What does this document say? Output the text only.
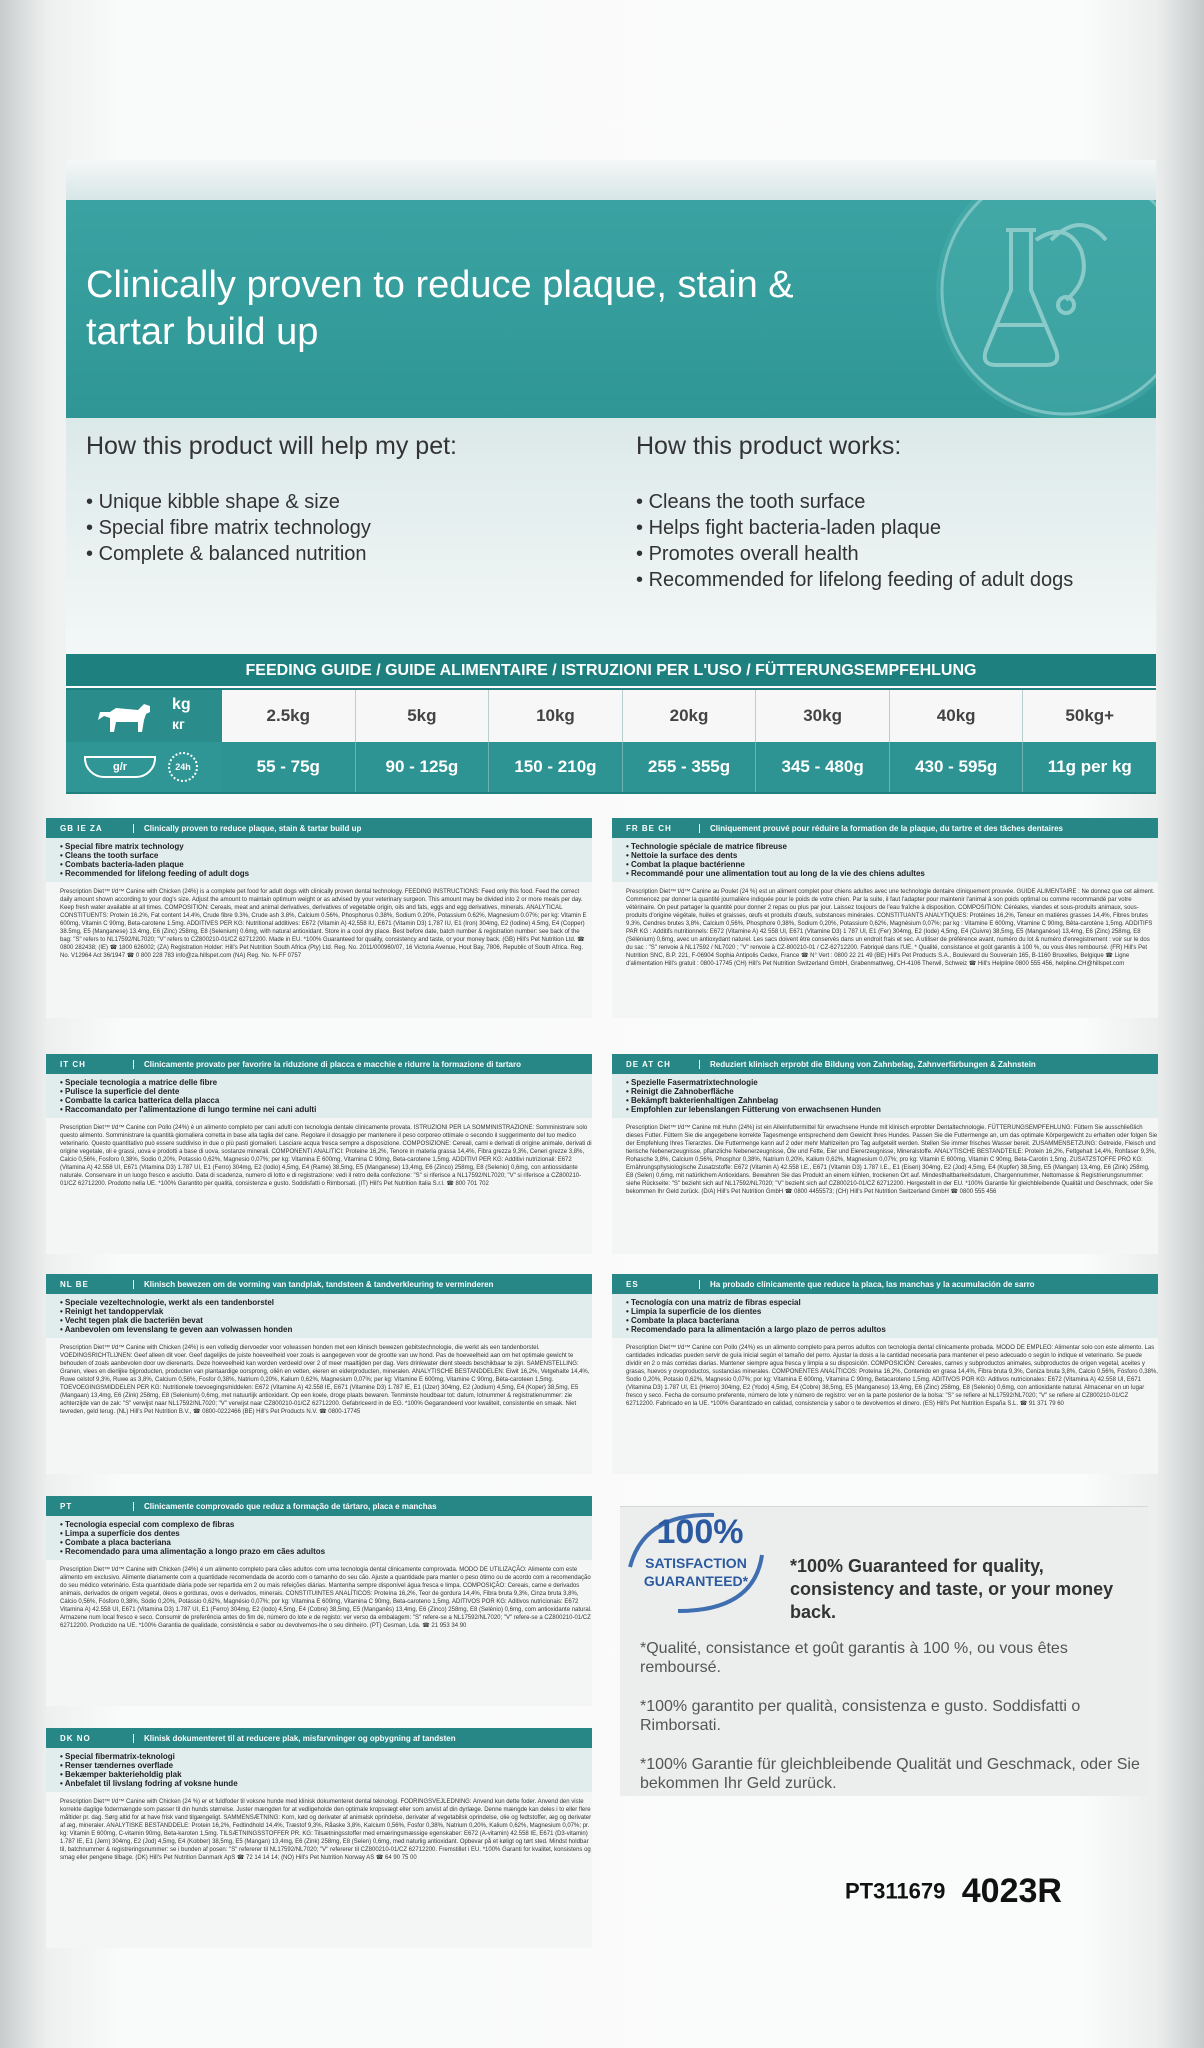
Clinically proven to reduce plaque, stain & tartar build up
How this product will help my pet:
• Unique kibble shape & size
• Special fibre matrix technology
• Complete & balanced nutrition
How this product works:
• Cleans the tooth surface
• Helps fight bacteria-laden plaque
• Promotes overall health
• Recommended for lifelong feeding of adult dogs
FEEDING GUIDE / GUIDE ALIMENTAIRE / ISTRUZIONI PER L'USO / FÜTTERUNGSEMPFEHLUNG
kg
кг	2.5kg	5kg	10kg	20kg	30kg	40kg	50kg+
g/r	24h	55 - 75g	90 - 125g	150 - 210g	255 - 355g	345 - 480g	430 - 595g	11g per kg
GB IE ZA	Clinically proven to reduce plaque, stain & tartar build up
• Special fibre matrix technology
• Cleans the tooth surface
• Combats bacteria-laden plaque
• Recommended for lifelong feeding of adult dogs
Prescription Diet™ t/d™ Canine with Chicken (24%) is a complete pet food for adult dogs with clinically proven dental technology. FEEDING INSTRUCTIONS: Feed only this food. Feed the correct daily amount shown according to your dog's size. Adjust the amount to maintain optimum weight or as advised by your veterinary surgeon. This amount may be divided into 2 or more meals per day. Keep fresh water available at all times. COMPOSITION: Cereals, meat and animal derivatives, derivatives of vegetable origin, oils and fats, eggs and egg derivatives, minerals. ANALYTICAL CONSTITUENTS: Protein 16.2%, Fat content 14.4%, Crude fibre 9.3%, Crude ash 3.8%, Calcium 0.56%, Phosphorus 0.38%, Sodium 0.20%, Potassium 0.62%, Magnesium 0.07%; per kg: Vitamin E 600mg, Vitamin C 90mg, Beta-carotene 1.5mg. ADDITIVES PER KG: Nutritional additives: E672 (Vitamin A) 42,558 IU, E671 (Vitamin D3) 1,787 IU, E1 (Iron) 304mg, E2 (Iodine) 4.5mg, E4 (Copper) 38.5mg, E5 (Manganese) 13.4mg, E6 (Zinc) 258mg, E8 (Selenium) 0.6mg, with natural antioxidant. Store in a cool dry place. Best before date, batch number & registration number: see back of the bag: "S" refers to NL17592/NL7020; "V" refers to CZ800210-01/CZ 62712200. Made in EU. *100% Guaranteed for quality, consistency and taste, or your money back. (GB) Hill's Pet Nutrition Ltd. ☎ 0800 282438; (IE) ☎ 1800 626002; (ZA) Registration Holder: Hill's Pet Nutrition South Africa (Pty) Ltd. Reg. No. 2011/000960/07, 16 Victoria Avenue, Hout Bay, 7806, Republic of South Africa. Reg. No. V12964 Act 36/1947 ☎ 0 800 228 783 info@za.hillspet.com (NA) Reg. No. N-FF 0757
FR BE CH	Cliniquement prouvé pour réduire la formation de la plaque, du tartre et des tâches dentaires
• Technologie spéciale de matrice fibreuse
• Nettoie la surface des dents
• Combat la plaque bactérienne
• Recommandé pour une alimentation tout au long de la vie des chiens adultes
Prescription Diet™ t/d™ Canine au Poulet (24 %) est un aliment complet pour chiens adultes avec une technologie dentaire cliniquement prouvée. GUIDE ALIMENTAIRE : Ne donnez que cet aliment. Commencez par donner la quantité journalière indiquée pour le poids de votre chien. Par la suite, il faut l'adapter pour maintenir l'animal à son poids optimal ou comme recommandé par votre vétérinaire. On peut partager la quantité pour donner 2 repas ou plus par jour. Laissez toujours de l'eau fraîche à disposition. COMPOSITION: Céréales, viandes et sous-produits animaux, sous-produits d'origine végétale, huiles et graisses, œufs et produits d'œufs, substances minérales. CONSTITUANTS ANALYTIQUES: Protéines 16,2%, Teneur en matières grasses 14,4%, Fibres brutes 9,3%, Cendres brutes 3,8%, Calcium 0,56%, Phosphore 0,38%, Sodium 0,20%, Potassium 0,62%, Magnésium 0,07%; par kg : Vitamine E 600mg, Vitamine C 90mg, Bêta-carotène 1,5mg. ADDITIFS PAR KG : Additifs nutritionnels: E672 (Vitamine A) 42 558 UI, E671 (Vitamine D3) 1 787 UI, E1 (Fer) 304mg, E2 (Iode) 4,5mg, E4 (Cuivre) 38,5mg, E5 (Manganèse) 13,4mg, E6 (Zinc) 258mg, E8 (Sélénium) 0,6mg, avec un antioxydant naturel. Les sacs doivent être conservés dans un endroit frais et sec. A utiliser de préférence avant, numéro du lot & numéro d'enregistrement : voir sur le dos du sac : "S" renvoie à NL17592 / NL7020 ; "V" renvoie à CZ-800210-01 / CZ-62712200. Fabriqué dans l'UE. * Qualité, consistance et goût garantis à 100 %, ou vous êtes remboursé. (FR) Hill's Pet Nutrition SNC, B.P. 221, F-06904 Sophia Antipolis Cedex, France ☎ N° Vert : 0800 22 21 49 (BE) Hill's Pet Products S.A., Boulevard du Souverain 165, B-1160 Bruxelles, Belgique ☎ Ligne d'alimentation Hill's gratuit : 0800-17745 (CH) Hill's Pet Nutrition Switzerland GmbH, Grabenmattweg, CH-4106 Therwil, Schweiz ☎ Hill's Helpline 0800 555 456, helpline.CH@hillspet.com
IT CH	Clinicamente provato per favorire la riduzione di placca e macchie e ridurre la formazione di tartaro
• Speciale tecnologia a matrice delle fibre
• Pulisce la superficie del dente
• Combatte la carica batterica della placca
• Raccomandato per l'alimentazione di lungo termine nei cani adulti
Prescription Diet™ t/d™ Canine con Pollo (24%) è un alimento completo per cani adulti con tecnologia dentale clinicamente provata. ISTRUZIONI PER LA SOMMINISTRAZIONE: Somministrare solo questo alimento. Somministrare la quantità giornaliera corretta in base alla taglia del cane. Regolare il dosaggio per mantenere il peso corporeo ottimale o secondo il suggerimento del tuo medico veterinario. Questo quantitativo può essere suddiviso in due o più pasti giornalieri. Lasciare acqua fresca sempre a disposizione. COMPOSIZIONE: Cereali, carni e derivati di origine animale, derivati di origine vegetale, oli e grassi, uova e prodotti a base di uova, sostanze minerali. COMPONENTI ANALITICI: Proteine 16,2%, Tenore in materia grassa 14,4%, Fibra grezza 9,3%, Ceneri grezze 3,8%, Calcio 0,56%, Fosforo 0,38%, Sodio 0,20%, Potassio 0,62%, Magnesio 0,07%; per kg: Vitamina E 600mg, Vitamina C 90mg, Beta-carotene 1,5mg. ADDITIVI PER KG: Additivi nutrizionali: E672 (Vitamina A) 42.558 UI, E671 (Vitamina D3) 1.787 UI, E1 (Ferro) 304mg, E2 (Iodio) 4,5mg, E4 (Rame) 38,5mg, E5 (Manganese) 13,4mg, E6 (Zinco) 258mg, E8 (Selenio) 0,6mg, con antiossidante naturale. Conservare in un luogo fresco e asciutto. Data di scadenza, numero di lotto e di registrazione: vedi il retro della confezione: "S" si riferisce a NL17592/NL7020; "V" si riferisce a CZ800210-01/CZ 62712200. Prodotto nella UE. *100% Garantito per qualità, consistenza e gusto. Soddisfatti o Rimborsati. (IT) Hill's Pet Nutrition Italia S.r.l. ☎ 800 701 702
DE AT CH	Reduziert klinisch erprobt die Bildung von Zahnbelag, Zahnverfärbungen & Zahnstein
• Spezielle Fasermatrixtechnologie
• Reinigt die Zahnoberfläche
• Bekämpft bakterienhaltigen Zahnbelag
• Empfohlen zur lebenslangen Fütterung von erwachsenen Hunden
Prescription Diet™ t/d™ Canine mit Huhn (24%) ist ein Alleinfuttermittel für erwachsene Hunde mit klinisch erprobter Dentaltechnologie. FÜTTERUNGSEMPFEHLUNG: Füttern Sie ausschließlich dieses Futter. Füttern Sie die angegebene korrekte Tagesmenge entsprechend dem Gewicht Ihres Hundes. Passen Sie die Futtermenge an, um das optimale Körpergewicht zu erhalten oder folgen Sie der Empfehlung Ihres Tierarztes. Die Futtermenge kann auf 2 oder mehr Mahlzeiten pro Tag aufgeteilt werden. Stellen Sie immer frisches Wasser bereit. ZUSAMMENSETZUNG: Getreide, Fleisch und tierische Nebenerzeugnisse, pflanzliche Nebenerzeugnisse, Öle und Fette, Eier und Eiererzeugnisse, Mineralstoffe. ANALYTISCHE BESTANDTEILE: Protein 16,2%, Fettgehalt 14,4%, Rohfaser 9,3%, Rohasche 3,8%, Calcium 0,56%, Phosphor 0,38%, Natrium 0,20%, Kalium 0,62%, Magnesium 0,07%; pro kg: Vitamin E 600mg, Vitamin C 90mg, Beta-Carotin 1,5mg. ZUSATZSTOFFE PRO KG: Ernährungsphysiologische Zusatzstoffe: E672 (Vitamin A) 42.558 I.E., E671 (Vitamin D3) 1.787 I.E., E1 (Eisen) 304mg, E2 (Jod) 4,5mg, E4 (Kupfer) 38,5mg, E5 (Mangan) 13,4mg, E6 (Zink) 258mg, E8 (Selen) 0,6mg, mit natürlichem Antioxidans. Bewahren Sie das Produkt an einem kühlen, trockenen Ort auf. Mindesthaltbarkeitsdatum, Chargennummer, Nettomasse & Registrierungsnummer: siehe Rückseite: "S" bezieht sich auf NL17592/NL7020; "V" bezieht sich auf CZ800210-01/CZ 62712200. Hergestellt in der EU. *100% Garantie für gleichbleibende Qualität und Geschmack, oder Sie bekommen Ihr Geld zurück. (D/A) Hill's Pet Nutrition GmbH ☎ 0800 4455573; (CH) Hill's Pet Nutrition Switzerland GmbH ☎ 0800 555 456
NL BE	Klinisch bewezen om de vorming van tandplak, tandsteen & tandverkleuring te verminderen
• Speciale vezeltechnologie, werkt als een tandenborstel
• Reinigt het tandoppervlak
• Vecht tegen plak die bacteriën bevat
• Aanbevolen om levenslang te geven aan volwassen honden
Prescription Diet™ t/d™ Canine with Chicken (24%) is een volledig diervoeder voor volwassen honden met een klinisch bewezen gebitstechnologie, die werkt als een tandenborstel. VOEDINGSRICHTLIJNEN: Geef alleen dit voer. Geef dagelijks de juiste hoeveelheid voer zoals is aangegeven voor de grootte van uw hond. Pas de hoeveelheid aan om het optimale gewicht te behouden of zoals aanbevolen door uw dierenarts. Deze hoeveelheid kan worden verdeeld over 2 of meer maaltijden per dag. Vers drinkwater dient steeds beschikbaar te zijn. SAMENSTELLING: Granen, vlees en dierlijke bijproducten, producten van plantaardige oorsprong, oliën en vetten, eieren en eiderproducten, mineralen. ANALYTISCHE BESTANDDELEN: Eiwit 16,2%, Vetgehalte 14,4%, Ruwe celstof 9,3%, Ruwe as 3,8%, Calcium 0,56%, Fosfor 0,38%, Natrium 0,20%, Kalium 0,62%, Magnesium 0,07%; per kg: Vitamine E 600mg, Vitamine C 90mg, Bèta-caroteen 1,5mg. TOEVOEGINGSMIDDELEN PER KG: Nutritionele toevoegingsmiddelen: E672 (Vitamine A) 42.558 IE, E671 (Vitamine D3) 1.787 IE, E1 (IJzer) 304mg, E2 (Jodium) 4,5mg, E4 (Koper) 38,5mg, E5 (Mangaan) 13,4mg, E6 (Zink) 258mg, E8 (Selenium) 0,6mg, met natuurlijk antioxidant. Op een koele, droge plaats bewaren. Tenminste houdbaar tot: datum, lotnummer & registratienummer: zie achterzijde van de zak: "S" verwijst naar NL17592/NL7020; "V" verwijst naar CZ800210-01/CZ 62712200. Gefabriceerd in de EG. *100% Gegarandeerd voor kwaliteit, consistentie en smaak. Niet tevreden, geld terug. (NL) Hill's Pet Nutrition B.V., ☎ 0800-0222466 (BE) Hill's Pet Products N.V. ☎ 0800-17745
ES	Ha probado clínicamente que reduce la placa, las manchas y la acumulación de sarro
• Tecnología con una matriz de fibras especial
• Limpia la superficie de los dientes
• Combate la placa bacteriana
• Recomendado para la alimentación a largo plazo de perros adultos
Prescription Diet™ t/d™ Canine con Pollo (24%) es un alimento completo para perros adultos con tecnología dental clínicamente probada. MODO DE EMPLEO: Alimentar solo con este alimento. Las cantidades indicadas pueden servir de guía inicial según el tamaño del perro. Ajustar la dosis a la cantidad necesaria para mantener el peso adecuado o según lo indique el veterinario. Se puede dividir en 2 o más comidas diarias. Mantener siempre agua fresca y limpia a su disposición. COMPOSICIÓN: Cereales, carnes y subproductos animales, subproductos de origen vegetal, aceites y grasas, huevos y ovoproductos, sustancias minerales. COMPONENTES ANALÍTICOS: Proteína 16,2%, Contenido en grasa 14,4%, Fibra bruta 9,3%, Ceniza bruta 3,8%, Calcio 0,56%, Fósforo 0,38%, Sodio 0,20%, Potasio 0,62%, Magnesio 0,07%; por kg: Vitamina E 600mg, Vitamina C 90mg, Betacaroteno 1,5mg. ADITIVOS POR KG: Aditivos nutricionales: E672 (Vitamina A) 42.558 UI, E671 (Vitamina D3) 1.787 UI, E1 (Hierro) 304mg, E2 (Yodo) 4,5mg, E4 (Cobre) 38,5mg, E5 (Manganeso) 13,4mg, E6 (Zinc) 258mg, E8 (Selenio) 0,6mg, con antioxidante natural. Almacenar en un lugar fresco y seco. Fecha de consumo preferente, número de lote y número de registro: ver en la parte posterior de la bolsa: "S" se refiere al NL17592/NL7020; "V" se refiere al CZ800210-01/CZ 62712200. Fabricado en la UE. *100% Garantizado en calidad, consistencia y sabor o te devolvemos el dinero. (ES) Hill's Pet Nutrition España S.L. ☎ 91 371 79 60
PT	Clinicamente comprovado que reduz a formação de tártaro, placa e manchas
• Tecnologia especial com complexo de fibras
• Limpa a superfície dos dentes
• Combate a placa bacteriana
• Recomendado para uma alimentação a longo prazo em cães adultos
Prescription Diet™ t/d™ Canine with Chicken (24%) é um alimento completo para cães adultos com uma tecnologia dental clinicamente comprovada. MODO DE UTILIZAÇÃO: Alimente com este alimento em exclusivo. Alimente diariamente com a quantidade recomendada de acordo com o tamanho do seu cão. Ajuste a quantidade para manter o peso ótimo ou de acordo com a recomendação do seu médico veterinário. Esta quantidade diária pode ser repartida em 2 ou mais refeições diárias. Mantenha sempre disponível água fresca e limpa. COMPOSIÇÃO: Cereais, carne e derivados animais, derivados de origem vegetal, óleos e gorduras, ovos e derivados, minerais. CONSTITUINTES ANALÍTICOS: Proteína 16,2%, Teor de gordura 14,4%, Fibra bruta 9,3%, Cinza bruta 3,8%, Cálcio 0,56%, Fósforo 0,38%, Sódio 0,20%, Potássio 0,62%, Magnésio 0,07%; por kg: Vitamina E 600mg, Vitamina C 90mg, Beta-caroteno 1,5mg. ADITIVOS POR KG: Aditivos nutricionais: E672 Vitamina A) 42.558 UI, E671 (Vitamina D3) 1.787 UI, E1 (Ferro) 304mg, E2 (Iodo) 4,5mg, E4 (Cobre) 38,5mg, E5 (Manganês) 13,4mg, E6 (Zinco) 258mg, E8 (Selénio) 0,6mg, com antioxidante natural. Armazene num local fresco e seco. Consumir de preferência antes do fim de, número do lote e de registo: ver verso da embalagem: "S" refere-se a NL17592/NL7020; "V" refere-se a CZ800210-01/CZ 62712200. Produzido na UE. *100% Garantia de qualidade, consistência e sabor ou devolvemos-lhe o seu dinheiro. (PT) Cesman, Lda. ☎ 21 953 34 90
DK NO	Klinisk dokumenteret til at reducere plak, misfarvninger og opbygning af tandsten
• Special fibermatrix-teknologi
• Renser tændernes overflade
• Bekæmper bakterieholdig plak
• Anbefalet til livslang fodring af voksne hunde
Prescription Diet™ t/d™ Canine with Chicken (24 %) er et fuldfoder til voksne hunde med klinisk dokumenteret dental teknologi. FODRINGSVEJLEDNING: Anvend kun dette foder. Anvend den viste korrekte daglige fodermængde som passer til din hunds størrelse. Juster mængden for at vedligeholde den optimale kropsvægt eller som anvist af din dyrlæge. Denne mængde kan deles i to eller flere måltider pr. dag. Sørg altid for at have frisk vand tilgængeligt. SAMMENSÆTNING: Korn, kød og derivater af animalsk oprindelse, derivater af vegetabilsk oprindelse, olie og fedtstoffer, æg og derivater af æg, mineraler. ANALYTISKE BESTANDDELE: Protein 16,2%, Fedtindhold 14,4%, Træstof 9,3%, Råaske 3,8%, Kalcium 0,56%, Fosfor 0,38%, Natrium 0,20%, Kalium 0,62%, Magnesium 0,07%; pr. kg: Vitamin E 600mg, C-vitamin 90mg, Beta-karoten 1,5mg. TILSÆTNINGSSTOFFER PR. KG: Tilsætningsstoffer med ernæringsmæssige egenskaber: E672 (A-vitamin) 42.558 IE, E671 (D3-vitamin) 1.787 IE, E1 (Jern) 304mg, E2 (Jod) 4,5mg, E4 (Kobber) 38,5mg, E5 (Mangan) 13,4mg, E6 (Zink) 258mg, E8 (Selen) 0,6mg, med naturlig antioxidant. Opbevar på et køligt og tørt sted. Mindst holdbar til, batchnummer & registreringsnummer: se i bunden af posen: "S" refererer til NL17592/NL7020; "V" refererer til CZ800210-01/CZ 62712200. Fremstillet i EU. *100% Garanti for kvalitet, konsistens og smag eller pengene tilbage. (DK) Hill's Pet Nutrition Danmark ApS ☎ 72 14 14 14; (NO) Hill's Pet Nutrition Norway AS ☎ 64 90 75 00
100%
SATISFACTION
GUARANTEED*
*100% Guaranteed for quality, consistency and taste, or your money back.

*Qualité, consistance et goût garantis à 100 %, ou vous êtes remboursé.

*100% garantito per qualità, consistenza e gusto. Soddisfatti o Rimborsati.

*100% Garantie für gleichbleibende Qualität und Geschmack, oder Sie bekommen Ihr Geld zurück.

PT311679 4023R
